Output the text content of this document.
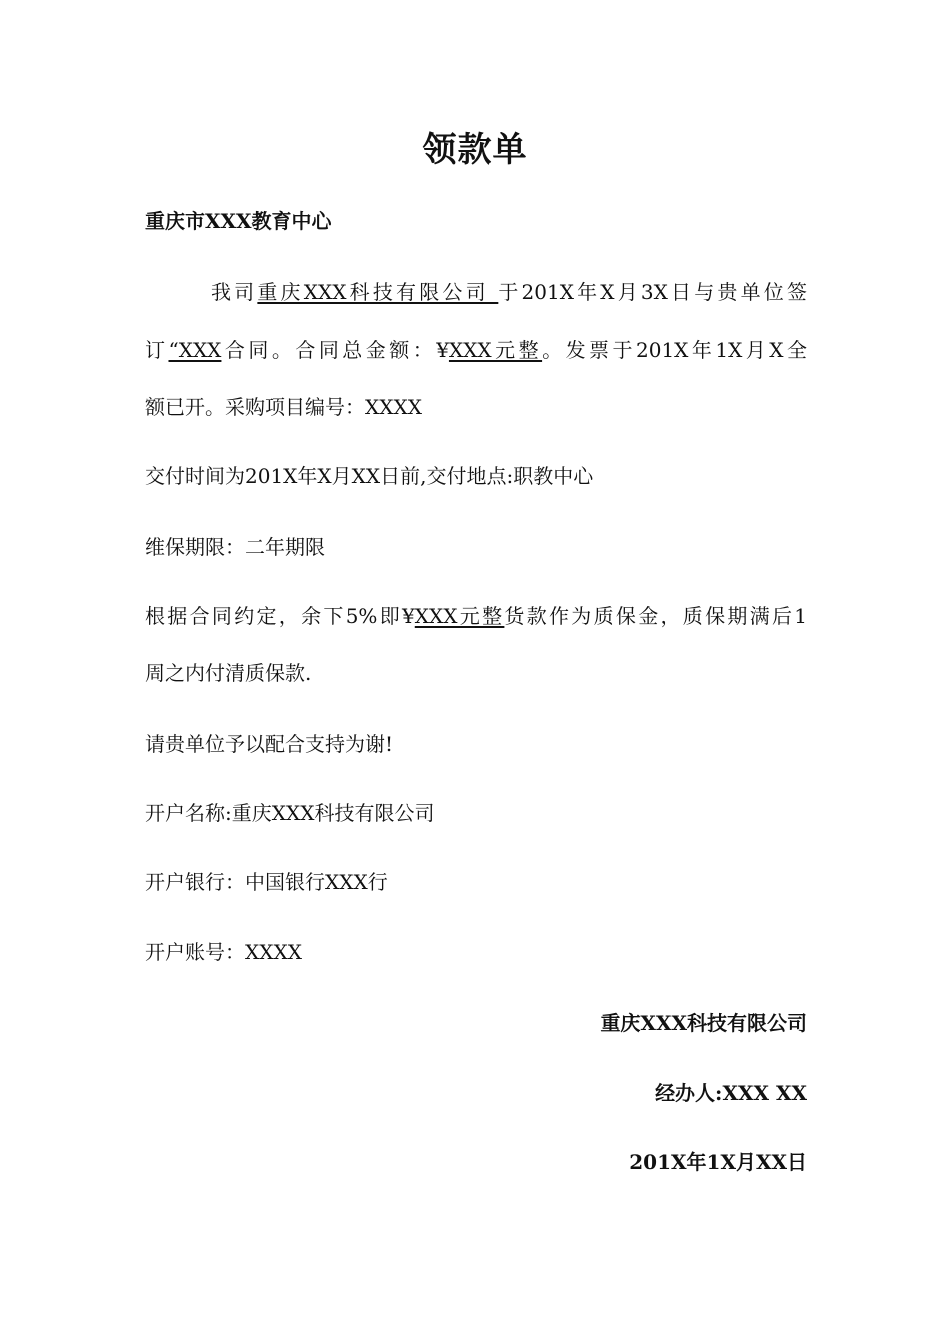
领款单
重庆市XXX教育中心
我司重庆XXX科技有限公司 于201X年X月3X日与贵单位签
订“XXX合同。合同总金额：¥XXX元整。发票于201X年1X月X全
额已开。采购项目编号：XXXX
交付时间为201X年X月XX日前,交付地点:职教中心
维保期限：二年期限
根据合同约定，余下5%即¥XXX元整货款作为质保金，质保期满后1
周之内付清质保款.
请贵单位予以配合支持为谢!
开户名称:重庆XXX科技有限公司
开户银行：中国银行XXX行
开户账号：XXXX
重庆XXX科技有限公司
经办人:XXX XX
201X年1X月XX日
